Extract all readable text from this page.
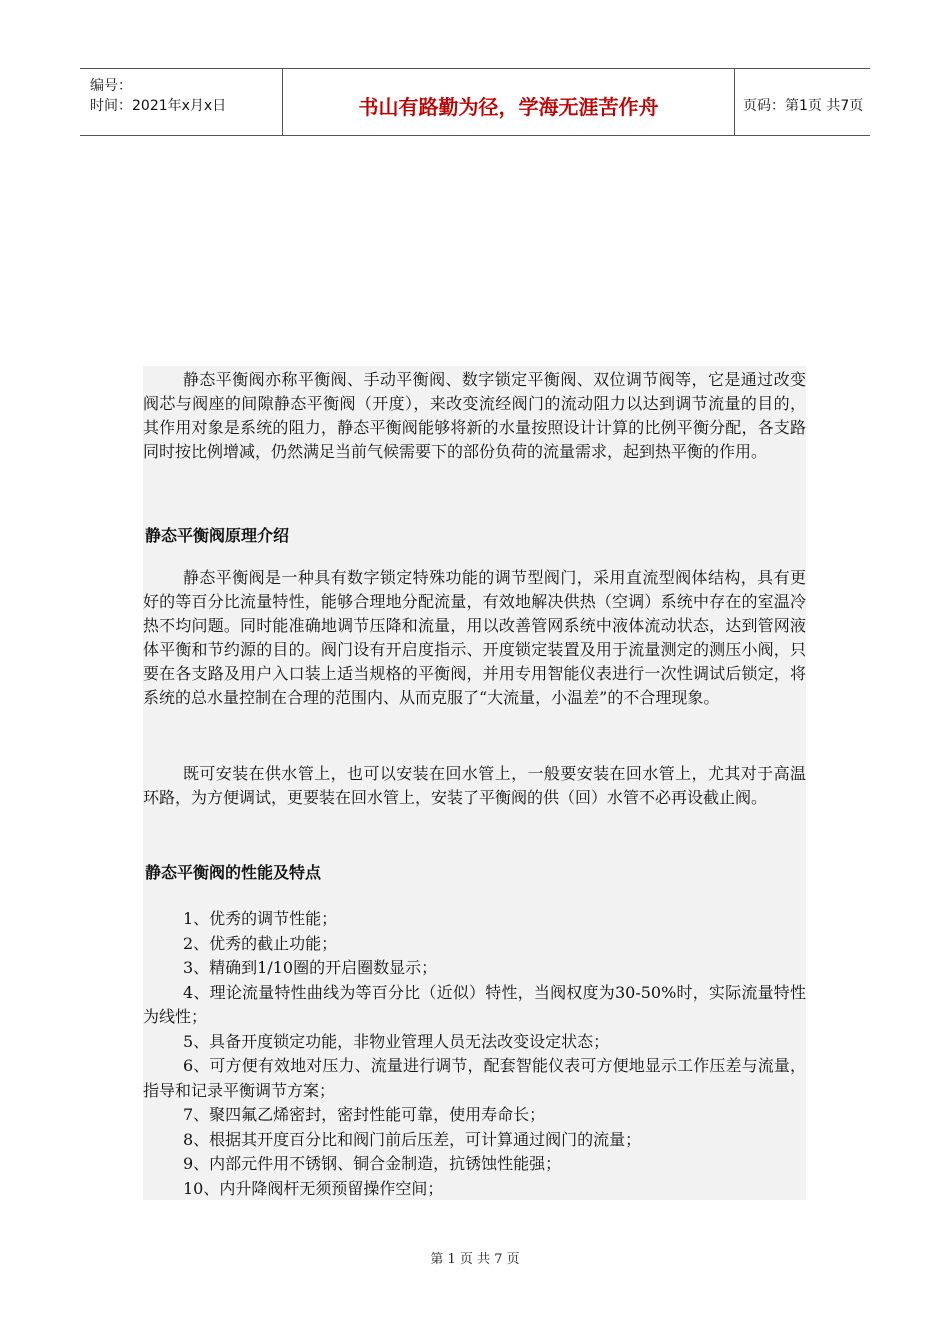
编号：
时间：2021年x月x日	书山有路勤为径，学海无涯苦作舟	页码：第1页 共7页
静态平衡阀亦称平衡阀、手动平衡阀、数字锁定平衡阀、双位调节阀等，它是通过改变阀芯与阀座的间隙静态平衡阀（开度），来改变流经阀门的流动阻力以达到调节流量的目的，其作用对象是系统的阻力，静态平衡阀能够将新的水量按照设计计算的比例平衡分配，各支路同时按比例增减，仍然满足当前气候需要下的部份负荷的流量需求，起到热平衡的作用。
静态平衡阀原理介绍
静态平衡阀是一种具有数字锁定特殊功能的调节型阀门，采用直流型阀体结构，具有更好的等百分比流量特性，能够合理地分配流量，有效地解决供热（空调）系统中存在的室温冷热不均问题。同时能准确地调节压降和流量，用以改善管网系统中液体流动状态，达到管网液体平衡和节约源的目的。阀门设有开启度指示、开度锁定装置及用于流量测定的测压小阀，只要在各支路及用户入口装上适当规格的平衡阀，并用专用智能仪表进行一次性调试后锁定，将系统的总水量控制在合理的范围内、从而克服了“大流量，小温差”的不合理现象。
既可安装在供水管上，也可以安装在回水管上，一般要安装在回水管上，尤其对于高温环路，为方便调试，更要装在回水管上，安装了平衡阀的供（回）水管不必再设截止阀。
静态平衡阀的性能及特点
1、优秀的调节性能；
2、优秀的截止功能；
3、精确到1/10圈的开启圈数显示；
4、理论流量特性曲线为等百分比（近似）特性，当阀权度为30-50%时，实际流量特性为线性；
5、具备开度锁定功能，非物业管理人员无法改变设定状态；
6、可方便有效地对压力、流量进行调节，配套智能仪表可方便地显示工作压差与流量，指导和记录平衡调节方案；
7、聚四氟乙烯密封，密封性能可靠，使用寿命长；
8、根据其开度百分比和阀门前后压差，可计算通过阀门的流量；
9、内部元件用不锈钢、铜合金制造，抗锈蚀性能强；
10、内升降阀杆无须预留操作空间；
第 1 页 共 7 页
